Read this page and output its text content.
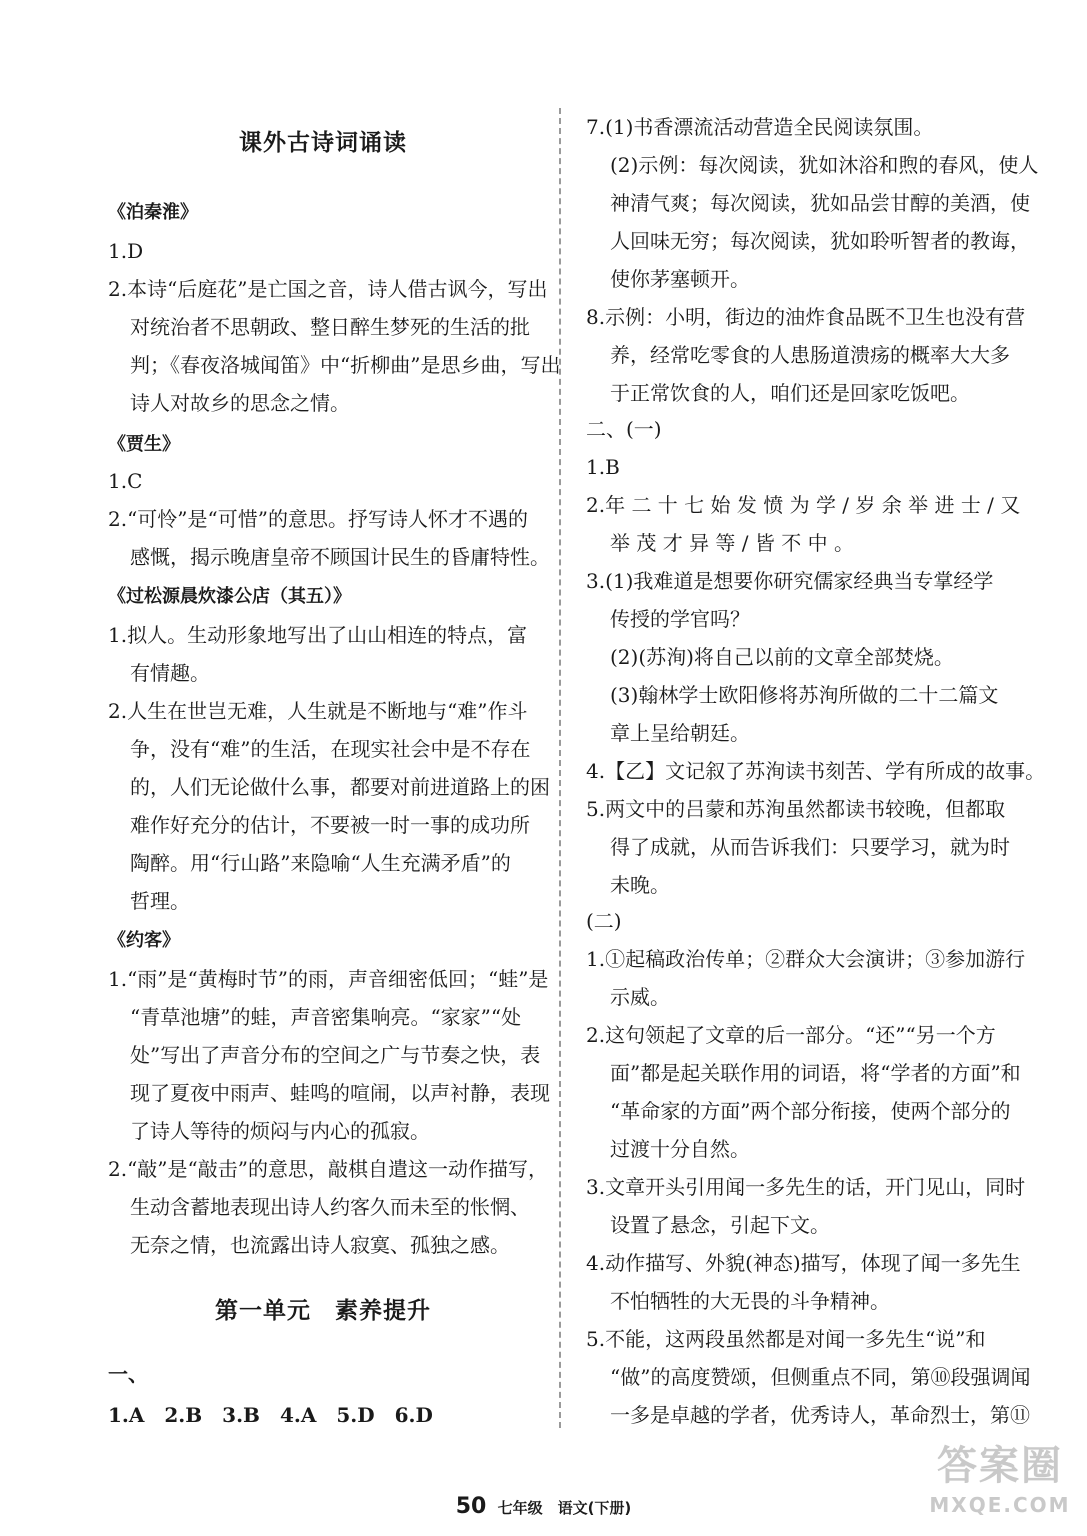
课外古诗词诵读
《泊秦淮》
1.D
2.本诗“后庭花”是亡国之音，诗人借古讽今，写出
对统治者不思朝政、整日醉生梦死的生活的批
判；《春夜洛城闻笛》中“折柳曲”是思乡曲，写出
诗人对故乡的思念之情。
《贾生》
1.C
2.“可怜”是“可惜”的意思。抒写诗人怀才不遇的
感慨，揭示晚唐皇帝不顾国计民生的昏庸特性。
《过松源晨炊漆公店（其五）》
1.拟人。生动形象地写出了山山相连的特点，富
有情趣。
2.人生在世岂无难，人生就是不断地与“难”作斗
争，没有“难”的生活，在现实社会中是不存在
的，人们无论做什么事，都要对前进道路上的困
难作好充分的估计，不要被一时一事的成功所
陶醉。用“行山路”来隐喻“人生充满矛盾”的
哲理。
《约客》
1.“雨”是“黄梅时节”的雨，声音细密低回；“蛙”是
“青草池塘”的蛙，声音密集响亮。“家家”“处
处”写出了声音分布的空间之广与节奏之快，表
现了夏夜中雨声、蛙鸣的喧闹，以声衬静，表现
了诗人等待的烦闷与内心的孤寂。
2.“敲”是“敲击”的意思，敲棋自遣这一动作描写，
生动含蓄地表现出诗人约客久而未至的怅惘、
无奈之情，也流露出诗人寂寞、孤独之感。
第一单元　素养提升
一、
1.A　2.B　3.B　4.A　5.D　6.D
7.(1)书香漂流活动营造全民阅读氛围。
(2)示例：每次阅读，犹如沐浴和煦的春风，使人
神清气爽；每次阅读，犹如品尝甘醇的美酒，使
人回味无穷；每次阅读，犹如聆听智者的教诲，
使你茅塞顿开。
8.示例：小明，街边的油炸食品既不卫生也没有营
养，经常吃零食的人患肠道溃疡的概率大大多
于正常饮食的人，咱们还是回家吃饭吧。
二、(一)
1.B
2.年 二 十 七 始 发 愤 为 学 / 岁 余 举 进 士 / 又
举 茂 才 异 等 / 皆 不 中 。
3.(1)我难道是想要你研究儒家经典当专掌经学
传授的学官吗？
(2)(苏洵)将自己以前的文章全部焚烧。
(3)翰林学士欧阳修将苏洵所做的二十二篇文
章上呈给朝廷。
4.【乙】文记叙了苏洵读书刻苦、学有所成的故事。
5.两文中的吕蒙和苏洵虽然都读书较晚，但都取
得了成就，从而告诉我们：只要学习，就为时
未晚。
(二)
1.①起稿政治传单；②群众大会演讲；③参加游行
示威。
2.这句领起了文章的后一部分。“还”“另一个方
面”都是起关联作用的词语，将“学者的方面”和
“革命家的方面”两个部分衔接，使两个部分的
过渡十分自然。
3.文章开头引用闻一多先生的话，开门见山，同时
设置了悬念，引起下文。
4.动作描写、外貌(神态)描写，体现了闻一多先生
不怕牺牲的大无畏的斗争精神。
5.不能，这两段虽然都是对闻一多先生“说”和
“做”的高度赞颂，但侧重点不同，第⑩段强调闻
一多是卓越的学者，优秀诗人，革命烈士，第⑪
50 七年级　语文(下册)
答案圈
MXQE.COM
